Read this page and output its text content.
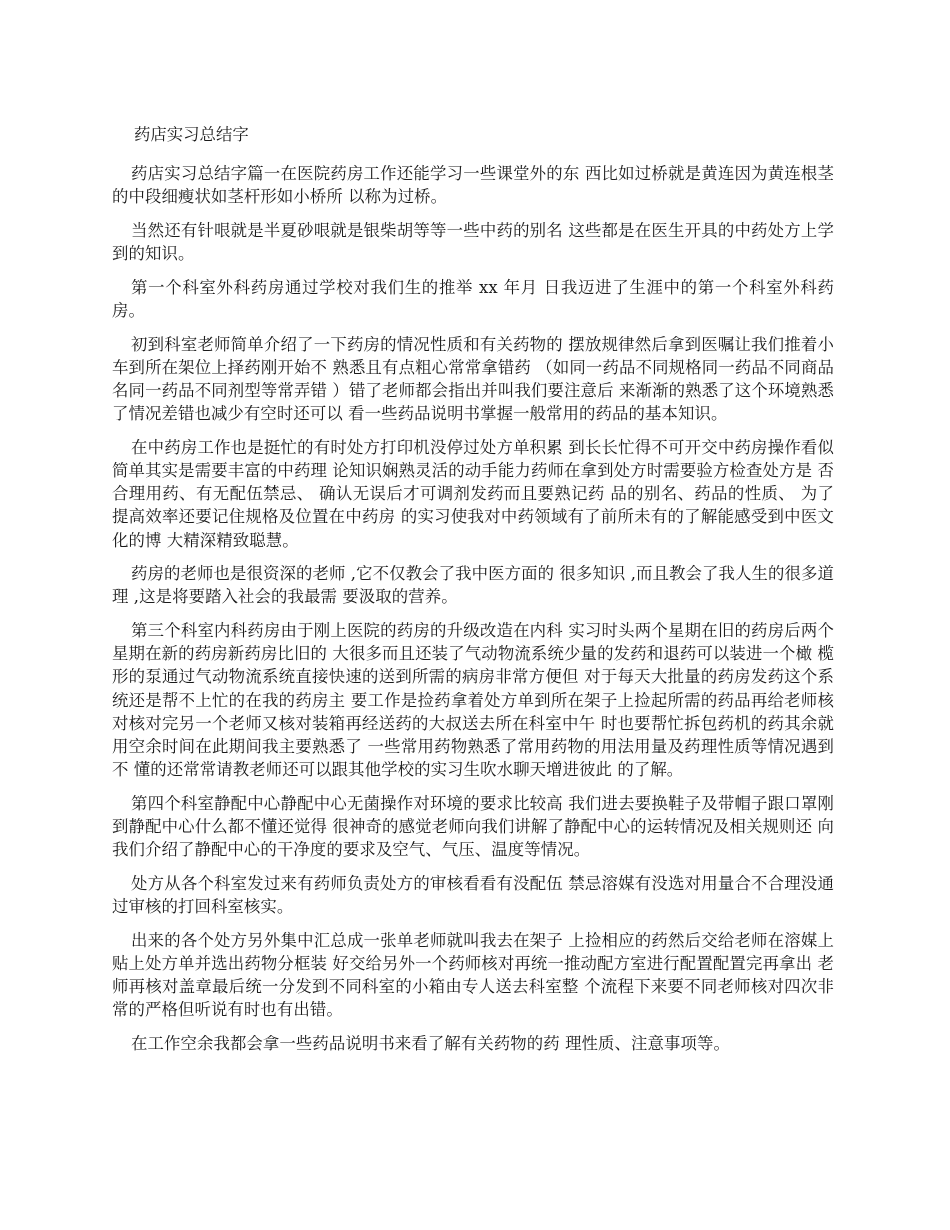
药店实习总结字

药店实习总结字篇一在医院药房工作还能学习一些课堂外的东 西比如过桥就是黄连因为黄连根茎的中段细瘦状如茎杆形如小桥所 以称为过桥。

当然还有针哏就是半夏砂哏就是银柴胡等等一些中药的别名 这些都是在医生开具的中药处方上学到的知识。

第一个科室外科药房通过学校对我们生的推举 xx 年月 日我迈进了生涯中的第一个科室外科药房。

初到科室老师简单介绍了一下药房的情况性质和有关药物的 摆放规律然后拿到医嘱让我们推着小车到所在架位上择药刚开始不 熟悉且有点粗心常常拿错药 （如同一药品不同规格同一药品不同商品 名同一药品不同剂型等常弄错 ）错了老师都会指出并叫我们要注意后 来渐渐的熟悉了这个环境熟悉了情况差错也减少有空时还可以 看一些药品说明书掌握一般常用的药品的基本知识。

在中药房工作也是挺忙的有时处方打印机没停过处方单积累 到长长忙得不可开交中药房操作看似简单其实是需要丰富的中药理 论知识娴熟灵活的动手能力药师在拿到处方时需要验方检查处方是 否合理用药、有无配伍禁忌、 确认无误后才可调剂发药而且要熟记药 品的别名、药品的性质、 为了提高效率还要记住规格及位置在中药房 的实习使我对中药领域有了前所未有的了解能感受到中医文化的博 大精深精致聪慧。

药房的老师也是很资深的老师 ,它不仅教会了我中医方面的 很多知识 ,而且教会了我人生的很多道理 ,这是将要踏入社会的我最需 要汲取的营养。

第三个科室内科药房由于刚上医院的药房的升级改造在内科 实习时头两个星期在旧的药房后两个星期在新的药房新药房比旧的 大很多而且还装了气动物流系统少量的发药和退药可以装进一个橄 榄形的泵通过气动物流系统直接快速的送到所需的病房非常方便但 对于每天大批量的药房发药这个系统还是帮不上忙的在我的药房主 要工作是捡药拿着处方单到所在架子上捡起所需的药品再给老师核 对核对完另一个老师又核对装箱再经送药的大叔送去所在科室中午 时也要帮忙拆包药机的药其余就用空余时间在此期间我主要熟悉了 一些常用药物熟悉了常用药物的用法用量及药理性质等情况遇到不 懂的还常常请教老师还可以跟其他学校的实习生吹水聊天增进彼此 的了解。

第四个科室静配中心静配中心无菌操作对环境的要求比较高 我们进去要换鞋子及带帽子跟口罩刚到静配中心什么都不懂还觉得 很神奇的感觉老师向我们讲解了静配中心的运转情况及相关规则还 向我们介绍了静配中心的干净度的要求及空气、气压、温度等情况。

处方从各个科室发过来有药师负责处方的审核看看有没配伍 禁忌溶媒有没选对用量合不合理没通过审核的打回科室核实。

出来的各个处方另外集中汇总成一张单老师就叫我去在架子 上捡相应的药然后交给老师在溶媒上贴上处方单并选出药物分框装 好交给另外一个药师核对再统一推动配方室进行配置配置完再拿出 老师再核对盖章最后统一分发到不同科室的小箱由专人送去科室整 个流程下来要不同老师核对四次非常的严格但听说有时也有出错。

在工作空余我都会拿一些药品说明书来看了解有关药物的药 理性质、注意事项等。
